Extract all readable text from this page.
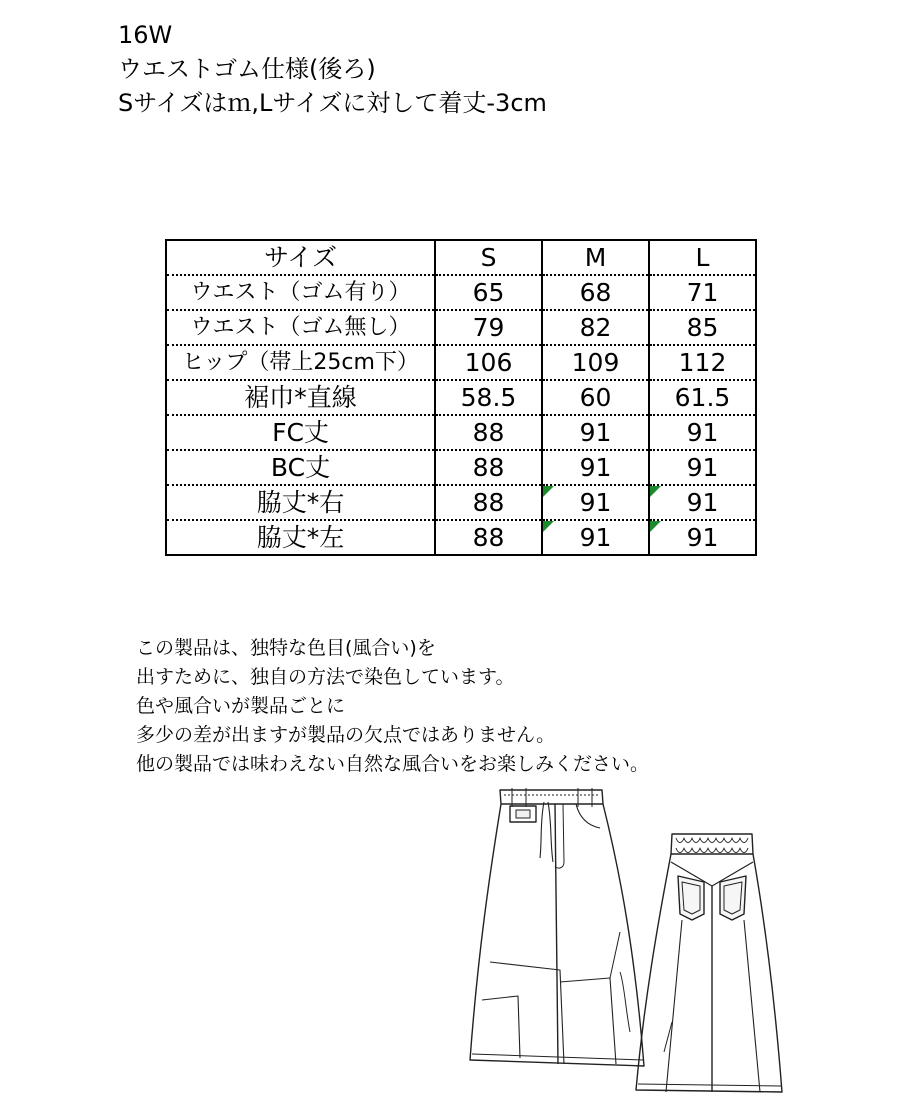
16W
ウエストゴム仕様(後ろ)
Sサイズはｍ,Lサイズに対して着丈-3cm
サイズ	S	M	L
ウエスト（ゴム有り）	65	68	71
ウエスト（ゴム無し）	79	82	85
ヒップ（帯上25cm下）	106	109	112
裾巾*直線	58.5	60	61.5
FC丈	88	91	91
BC丈	88	91	91
脇丈*右	88	91	91
脇丈*左	88	91	91
この製品は、独特な色目(風合い)を
出すために、独自の方法で染色しています。
色や風合いが製品ごとに
多少の差が出ますが製品の欠点ではありません。
他の製品では味わえない自然な風合いをお楽しみください。
